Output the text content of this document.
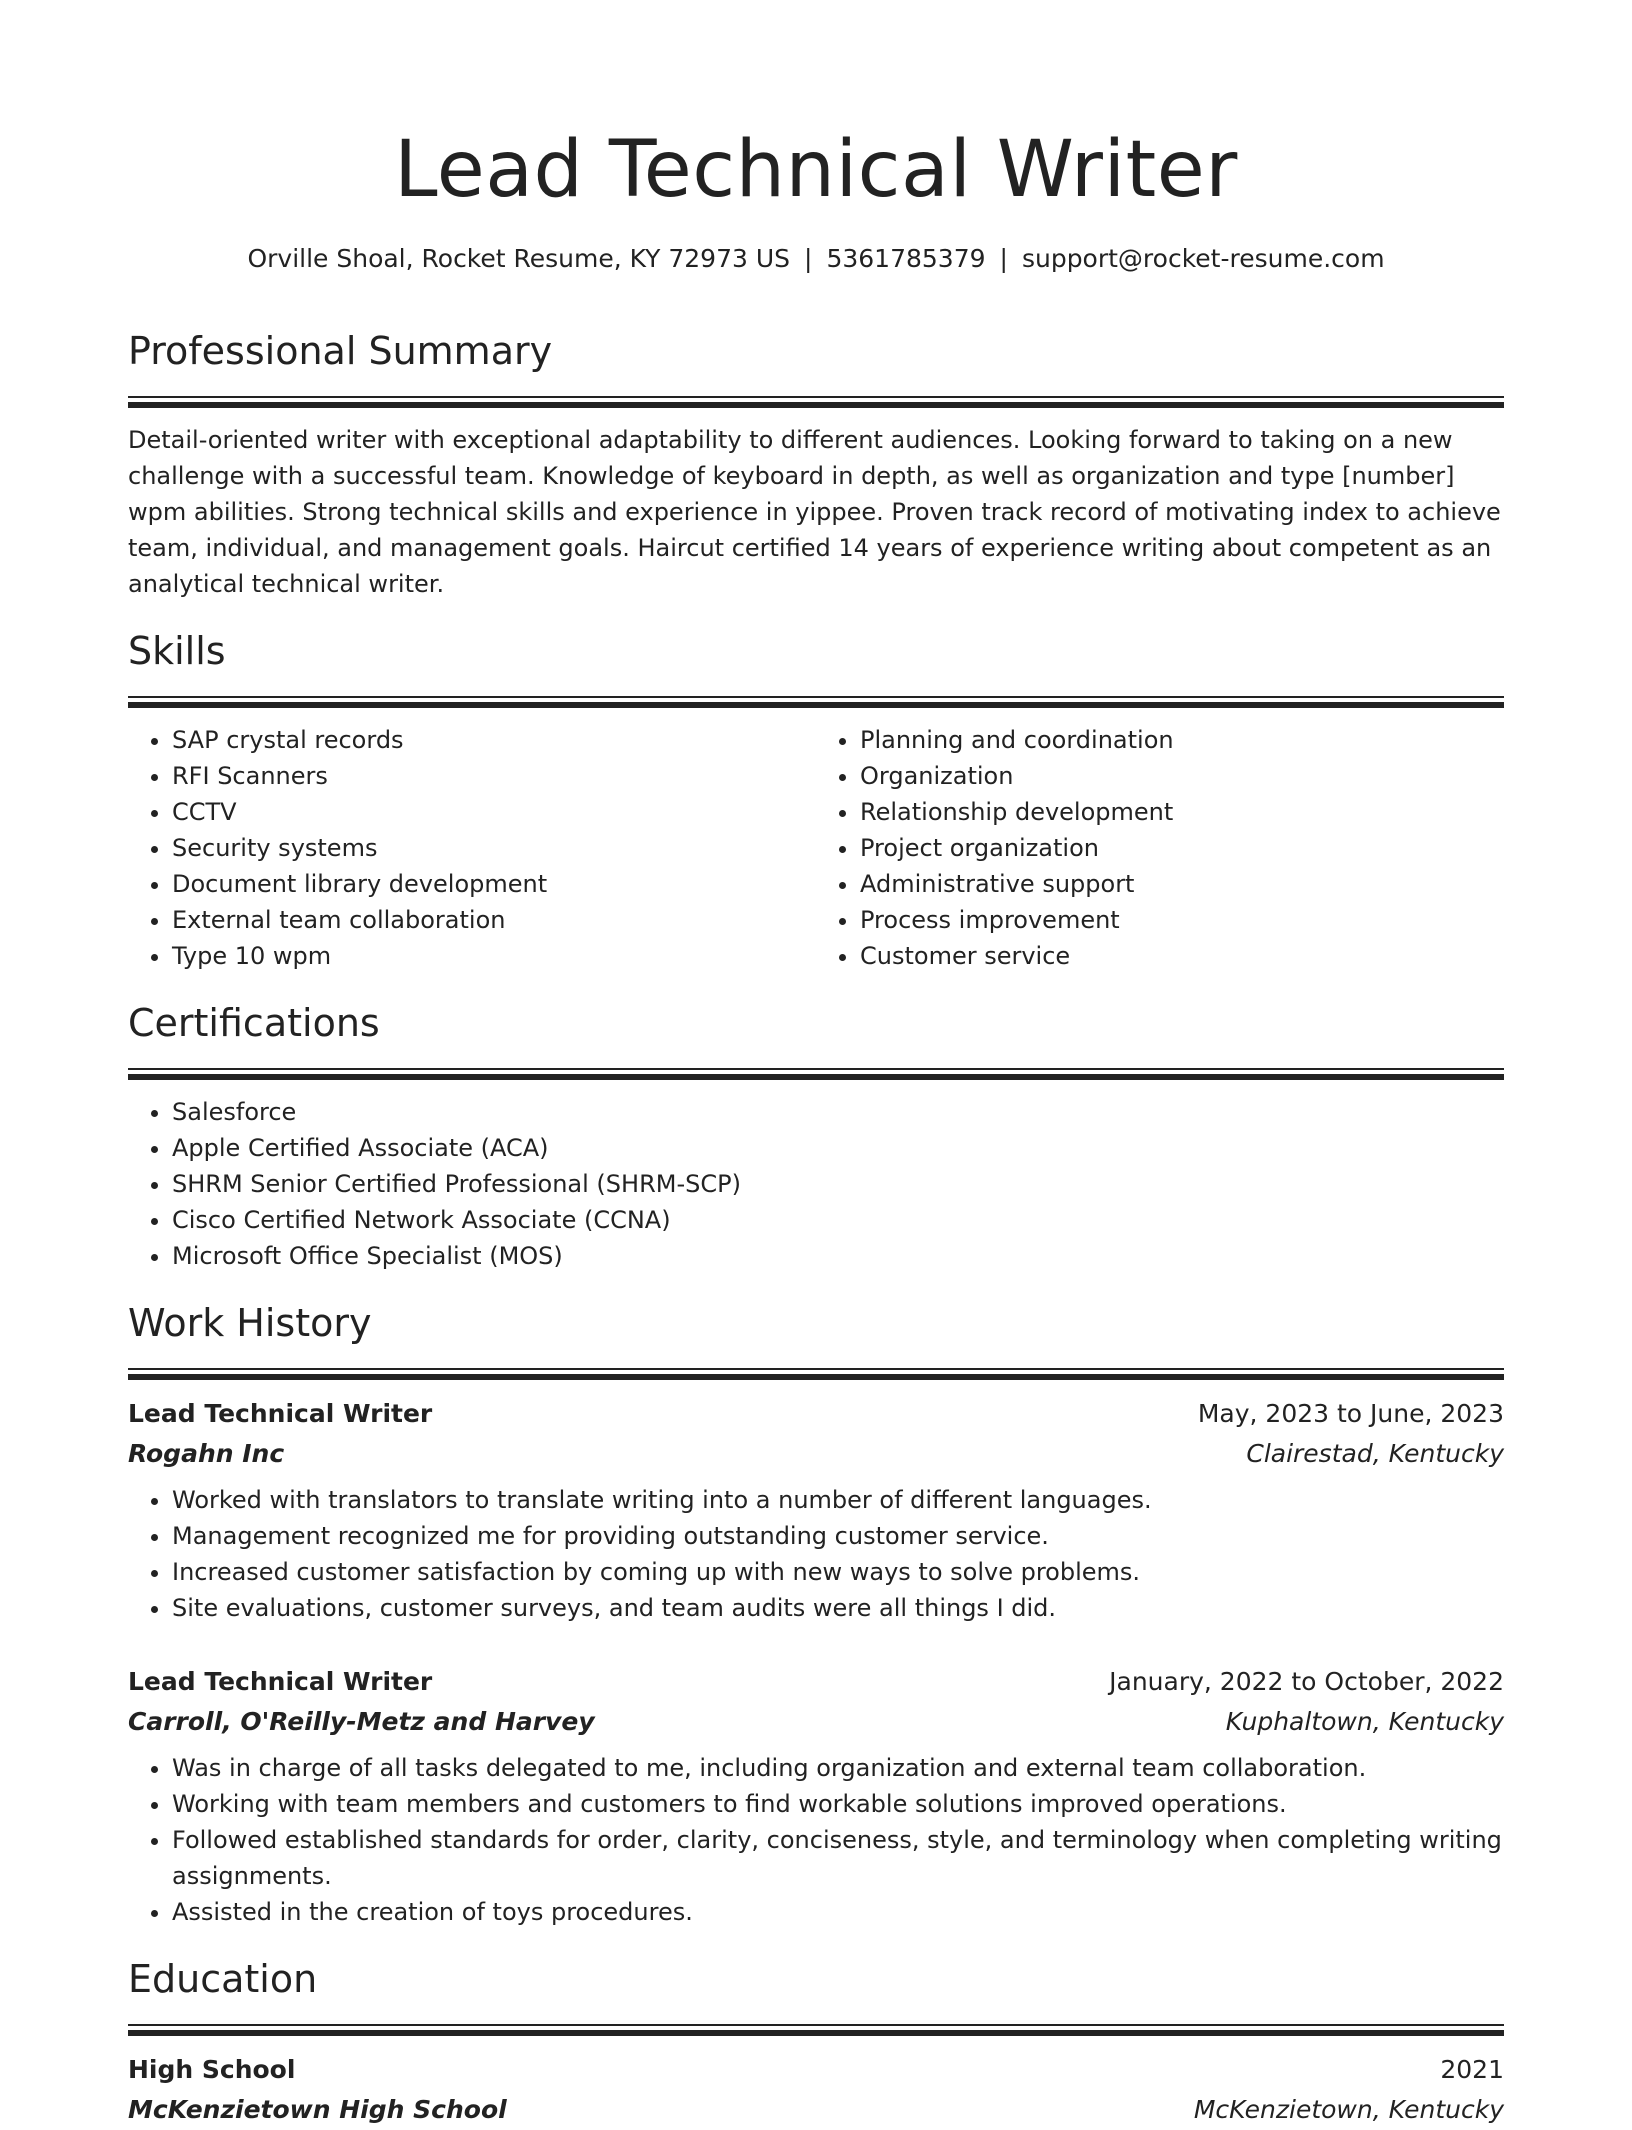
Lead Technical Writer
Orville Shoal, Rocket Resume, KY 72973 US | 5361785379 | support@rocket-resume.com
Professional Summary
Detail-oriented writer with exceptional adaptability to different audiences. Looking forward to taking on a new challenge with a successful team. Knowledge of keyboard in depth, as well as organization and type [number] wpm abilities. Strong technical skills and experience in yippee. Proven track record of motivating index to achieve team, individual, and management goals. Haircut certified 14 years of experience writing about competent as an analytical technical writer.
Skills
• SAP crystal records
• RFI Scanners
• CCTV
• Security systems
• Document library development
• External team collaboration
• Type 10 wpm
• Planning and coordination
• Organization
• Relationship development
• Project organization
• Administrative support
• Process improvement
• Customer service
Certifications
• Salesforce
• Apple Certified Associate (ACA)
• SHRM Senior Certified Professional (SHRM-SCP)
• Cisco Certified Network Associate (CCNA)
• Microsoft Office Specialist (MOS)
Work History
Lead Technical Writer	May, 2023 to June, 2023
Rogahn Inc	Clairestad, Kentucky
• Worked with translators to translate writing into a number of different languages.
• Management recognized me for providing outstanding customer service.
• Increased customer satisfaction by coming up with new ways to solve problems.
• Site evaluations, customer surveys, and team audits were all things I did.
Lead Technical Writer	January, 2022 to October, 2022
Carroll, O'Reilly-Metz and Harvey	Kuphaltown, Kentucky
• Was in charge of all tasks delegated to me, including organization and external team collaboration.
• Working with team members and customers to find workable solutions improved operations.
• Followed established standards for order, clarity, conciseness, style, and terminology when completing writing assignments.
• Assisted in the creation of toys procedures.
Education
High School	2021
McKenzietown High School	McKenzietown, Kentucky
